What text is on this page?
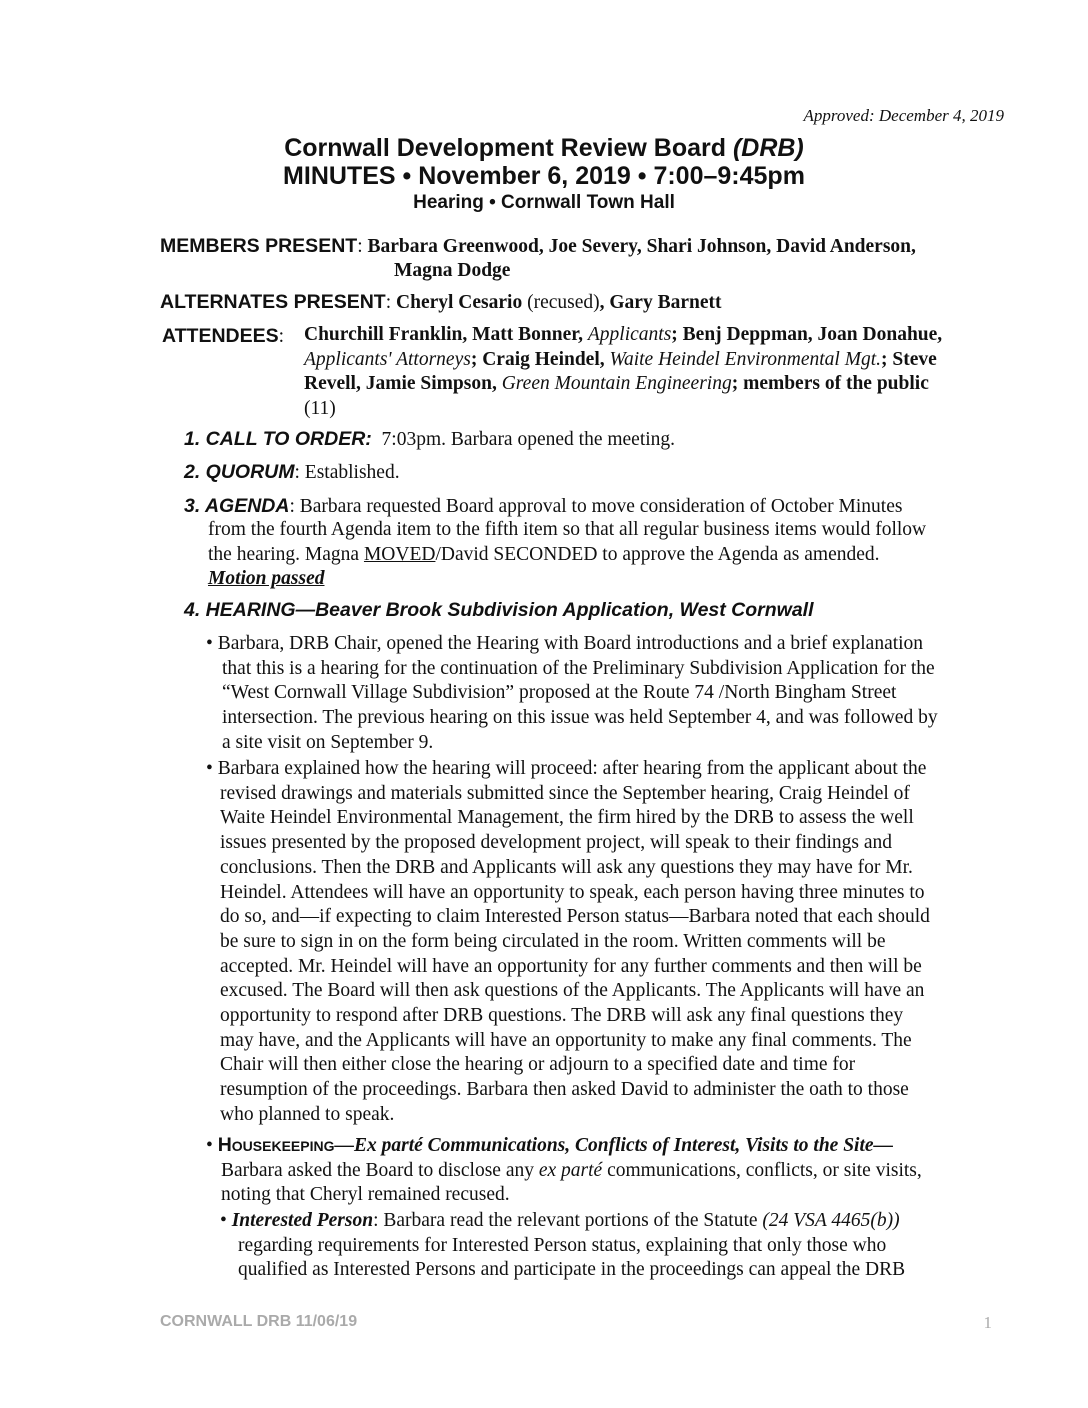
Approved: December 4, 2019
Cornwall Development Review Board (DRB)
MINUTES • November 6, 2019 • 7:00–9:45pm
Hearing • Cornwall Town Hall
MEMBERS PRESENT: Barbara Greenwood, Joe Severy, Shari Johnson, David Anderson,
Magna Dodge
ALTERNATES PRESENT: Cheryl Cesario (recused), Gary Barnett
ATTENDEES: Churchill Franklin, Matt Bonner, Applicants; Benj Deppman, Joan Donahue,

Applicants' Attorneys; Craig Heindel, Waite Heindel Environmental Mgt.; Steve

Revell, Jamie Simpson, Green Mountain Engineering; members of the public

(11)

1. CALL TO ORDER: 7:03pm. Barbara opened the meeting.
2. QUORUM: Established.

3. AGENDA: Barbara requested Board approval to move consideration of October Minutes

from the fourth Agenda item to the fifth item so that all regular business items would follow

the hearing. Magna MOVED/David SECONDED to approve the Agenda as amended.

Motion passed

4. HEARING—Beaver Brook Subdivision Application, West Cornwall

• Barbara, DRB Chair, opened the Hearing with Board introductions and a brief explanation

that this is a hearing for the continuation of the Preliminary Subdivision Application for the

“West Cornwall Village Subdivision” proposed at the Route 74 /North Bingham Street

intersection. The previous hearing on this issue was held September 4, and was followed by

a site visit on September 9.

• Barbara explained how the hearing will proceed: after hearing from the applicant about the

revised drawings and materials submitted since the September hearing, Craig Heindel of

Waite Heindel Environmental Management, the firm hired by the DRB to assess the well

issues presented by the proposed development project, will speak to their findings and

conclusions. Then the DRB and Applicants will ask any questions they may have for Mr.

Heindel. Attendees will have an opportunity to speak, each person having three minutes to

do so, and—if expecting to claim Interested Person status—Barbara noted that each should

be sure to sign in on the form being circulated in the room. Written comments will be

accepted. Mr. Heindel will have an opportunity for any further comments and then will be

excused. The Board will then ask questions of the Applicants. The Applicants will have an

opportunity to respond after DRB questions. The DRB will ask any final questions they

may have, and the Applicants will have an opportunity to make any final comments. The

Chair will then either close the hearing or adjourn to a specified date and time for

resumption of the proceedings. Barbara then asked David to administer the oath to those

who planned to speak.

• Housekeeping—Ex parté Communications, Conflicts of Interest, Visits to the Site—

Barbara asked the Board to disclose any ex parté communications, conflicts, or site visits,

noting that Cheryl remained recused.

• Interested Person: Barbara read the relevant portions of the Statute (24 VSA 4465(b))

regarding requirements for Interested Person status, explaining that only those who

qualified as Interested Persons and participate in the proceedings can appeal the DRB

CORNWALL DRB 11/06/19	1
